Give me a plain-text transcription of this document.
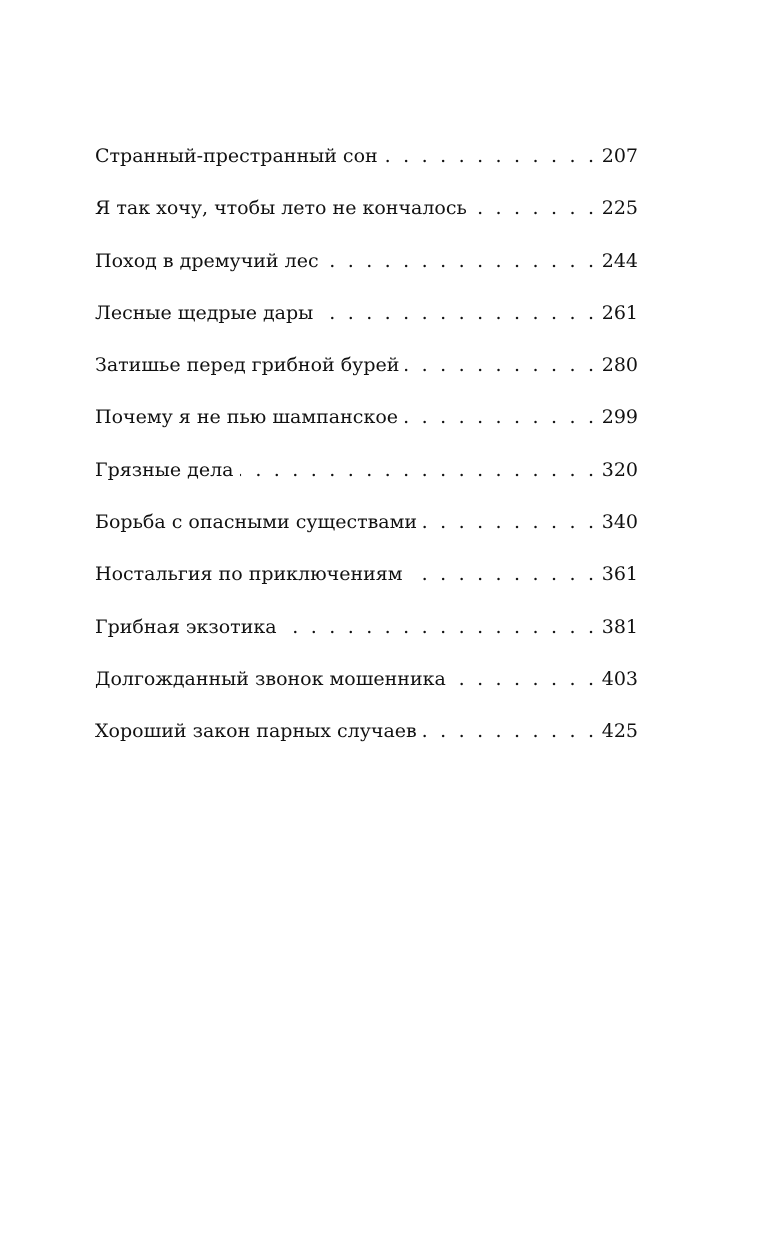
Странный-престранный сон . . .	207
Я так хочу, чтобы лето не кончалось . . .	225
Поход в дремучий лес . . .	244
Лесные щедрые дары . . .	261
Затишье перед грибной бурей . . .	280
Почему я не пью шампанское . . .	299
Грязные дела . . .	320
Борьба с опасными существами . . .	340
Ностальгия по приключениям . . .	361
Грибная экзотика . . .	381
Долгожданный звонок мошенника . . .	403
Хороший закон парных случаев . . .	425
